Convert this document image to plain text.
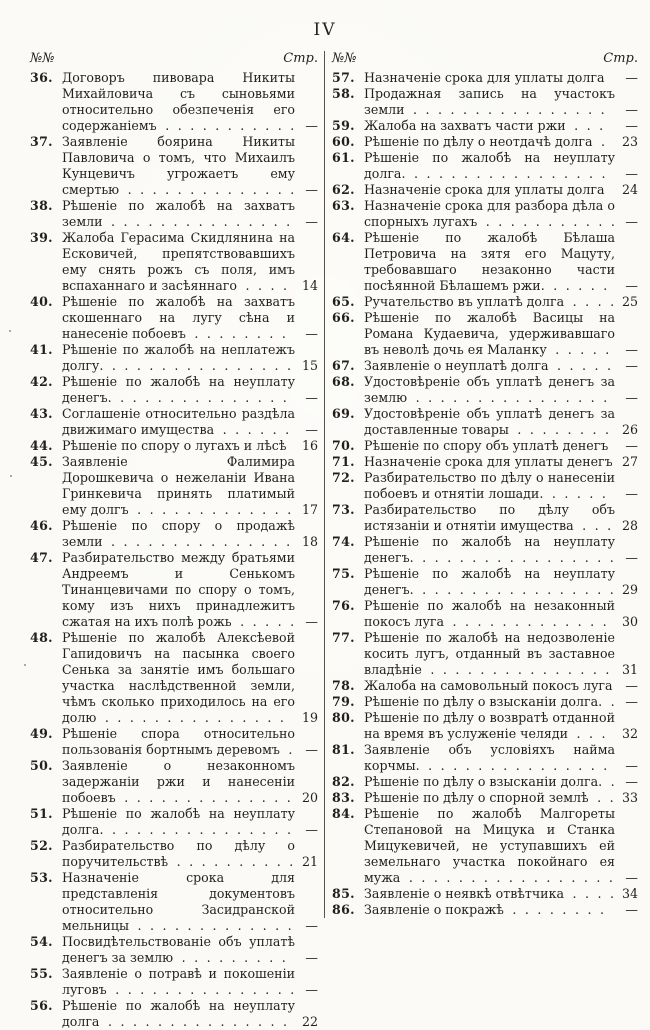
IV
№№	Стр.
36. Договоръ пивовара Никиты Михайловича съ сыновьями относительно обезпеченія его содержаніемъ . . . . . . . . . . . —
37. Заявленіе боярина Никиты Павловича о томъ, что Михаилъ Кунцевичъ угрожаетъ ему смертью . . . . . . . . . . . . . . —
38. Рѣшеніе по жалобѣ на захватъ земли . . . . . . . . . . . . . . .	—
39. Жалоба Герасима Скидлянина на Есковичей, препятствовавшихъ ему снять рожъ съ поля, имъ вспаханнаго и засѣяннаго . . . .	14
40. Рѣшеніе по жалобѣ на захватъ скошеннаго на лугу сѣна и нанесеніе побоевъ . . . . . . . .	—
41. Рѣшеніе по жалобѣ на неплатежъ долгу. . . . . . . . . . . . . . . . 15
42. Рѣшеніе по жалобѣ на неуплату денегъ. . . . . . . . . . . . . . .	—
43. Соглашеніе относительно раздѣла движимаго имущества . . . . . .	—
44. Рѣшеніе по спору о лугахъ и лѣсѣ	16
45. Заявленіе Фалимира Дорошкевича о нежеланіи Ивана Гринкевича принять платимый ему долгъ . . . . . . . . . . . . . 17
46. Рѣшеніе по спору о продажѣ земли . . . . . . . . . . . . . . . 18
47. Разбирательство между братьями Андреемъ и Сенькомъ Тинанцевичами по спору о томъ, кому изъ нихъ принадлежитъ сжатая на ихъ полѣ рожь . . . . . —
48. Рѣшеніе по жалобѣ Алексѣевой Гапидовичъ на пасынка своего Сенька за занятіе имъ большаго участка наслѣдственной земли, чѣмъ сколько приходилось на его долю . . . . . . . . . . . . . . .	19
49. Рѣшеніе спора относительно пользованія бортнымъ деревомъ .	—
50. Заявленіе о незаконномъ задержаніи ржи и нанесеніи побоевъ . . . . . . . . . . . . . . 20
51. Рѣшеніе по жалобѣ на неуплату долга. . . . . . . . . . . . . . . .	—
52. Разбирательство по дѣлу о поручительствѣ . . . . . . . . . . 21
53. Назначеніе срока для представленія документовъ относительно Засидранской мельницы . . . . . . . . . . . . .	—
54. Посвидѣтельствованіе объ уплатѣ денегъ за землю . . . . . . . . .	—
55. Заявленіе о потравѣ и покошеніи луговъ . . . . . . . . . . . . . . . —
56. Рѣшеніе по жалобѣ на неуплату долга . . . . . . . . . . . . . . .	22
№№	Стр.
57. Назначеніе срока для уплаты долга	—
58. Продажная запись на участокъ земли . . . . . . . . . . . . . . . .	—
59. Жалоба на захватъ части ржи . . .	—
60. Рѣшеніе по дѣлу о неотдачѣ долга .	23
61. Рѣшеніе по жалобѣ на неуплату долга. . . . . . . . . . . . . . . . .	—
62. Назначеніе срока для уплаты долга	24
63. Назначеніе срока для разбора дѣла о спорныхъ лугахъ . . . . . . . . . . . —
64. Рѣшеніе по жалобѣ Бѣлаша Петровича на зятя его Мацуту, требовавшаго незаконно части посѣянной Бѣлашемъ ржи. . . . . .	—
65. Ручательство въ уплатѣ долга . . . . 25
66. Рѣшеніе по жалобѣ Васицы на Романа Кудаевича, удерживавшаго въ неволѣ дочь ея Маланку . . . . .	—
67. Заявленіе о неуплатѣ долга . . . . .	—
68. Удостовѣреніе объ уплатѣ денегъ за землю . . . . . . . . . . . . . . . .	—
69. Удостовѣреніе объ уплатѣ денегъ за доставленные товары . . . . . . . .	26
70. Рѣшеніе по спору объ уплатѣ денегъ	—
71. Назначеніе срока для уплаты денегъ 27
72. Разбирательство по дѣлу о нанесеніи побоевъ и отнятіи лошади. . . . . .	—
73. Разбирательство по дѣлу объ истязаніи и отнятіи имущества . . . 28
74. Рѣшеніе по жалобѣ на неуплату денегъ. . . . . . . . . . . . . . . . . —
75. Рѣшеніе по жалобѣ на неуплату денегъ. . . . . . . . . . . . . . . . . 29
76. Рѣшеніе по жалобѣ на незаконный покосъ луга . . . . . . . . . . . . .	30
77. Рѣшеніе по жалобѣ на недозволеніе косить лугъ, отданный въ заставное владѣніе . . . . . . . . . . . . . . . 31
78. Жалоба на самовольный покосъ луга	—
79. Рѣшеніе по дѣлу о взысканіи долга. . —
80. Рѣшеніе по дѣлу о возвратѣ отданной на время въ услуженіе челяди . . .	32
81. Заявленіе объ условіяхъ найма корчмы. . . . . . . . . . . . . . . .	—
82. Рѣшеніе по дѣлу о взысканіи долга. . —
83. Рѣшеніе по дѣлу о спорной землѣ . . 33
84. Рѣшеніе по жалобѣ Малгореты Степановой на Мицука и Станка Мицукевичей, не уступавшихъ ей земельнаго участка покойнаго ея мужа . . . . . . . . . . . . . . . . . —
85. Заявленіе о неявкѣ отвѣтчика . . . . 34
86. Заявленіе о покражѣ . . . . . . . .	—
